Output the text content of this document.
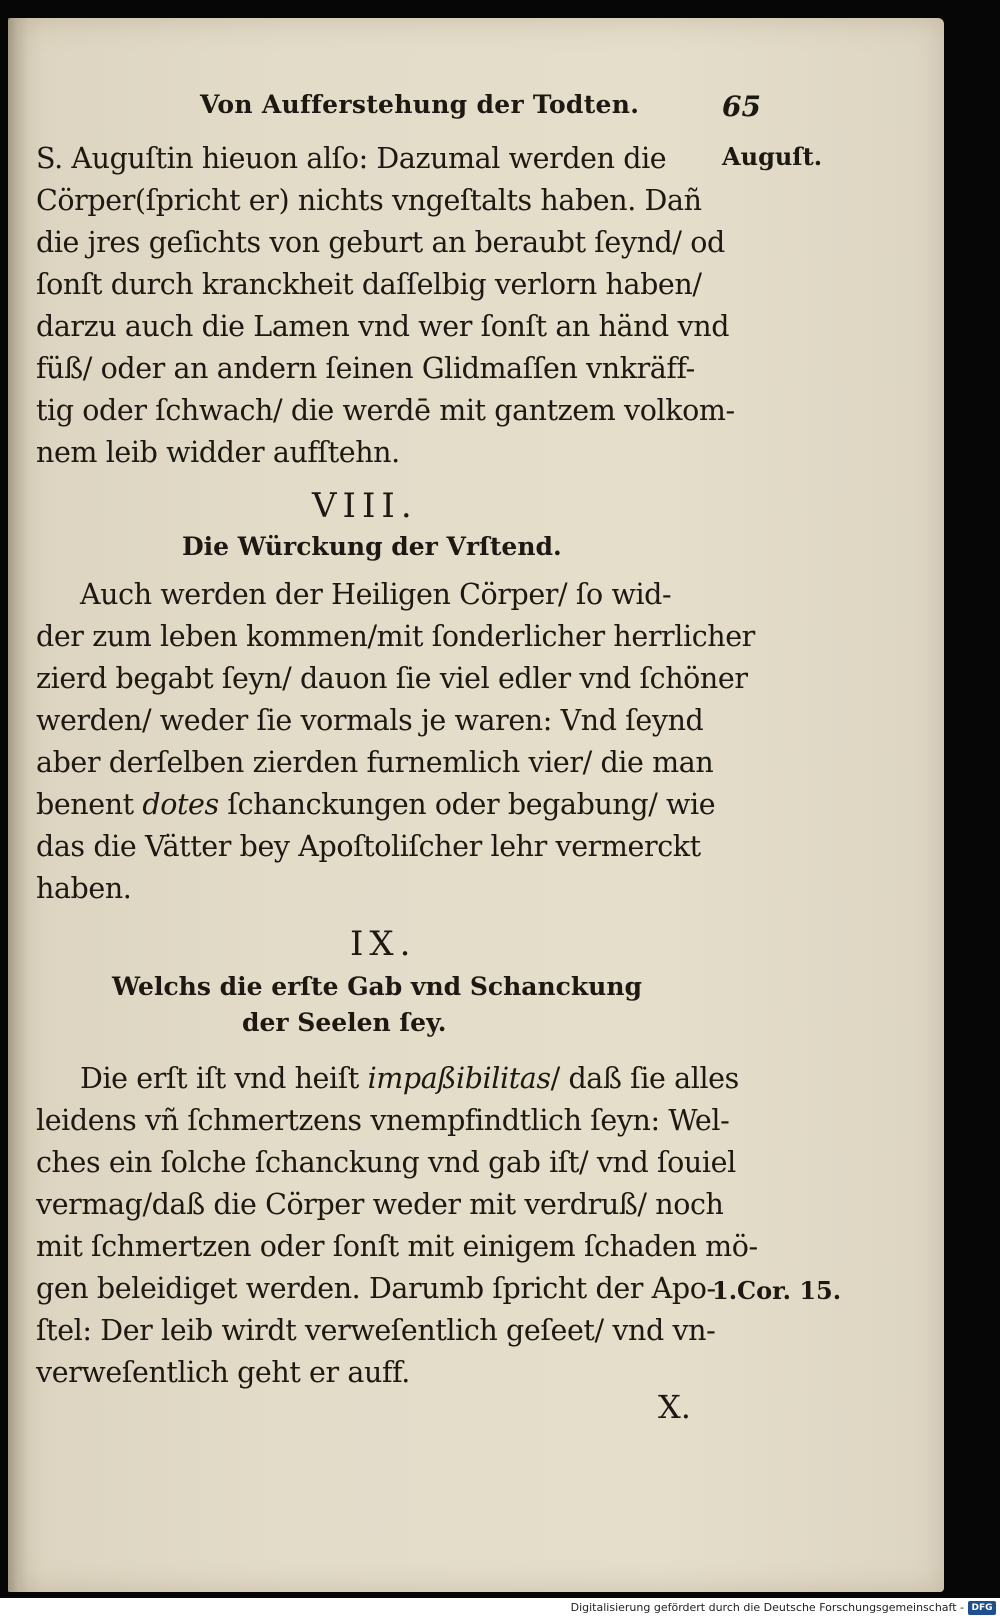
Von Aufferstehung der Todten.	65
S. Auguſtin hieuon alſo: Dazumal werden die
Cörper(ſpricht er) nichts vngeſtalts haben. Dañ
die jres geſichts von geburt an beraubt ſeynd/ od
ſonſt durch kranckheit daſſelbig verlorn haben/
darzu auch die Lamen vnd wer ſonſt an händ vnd
füß/ oder an andern ſeinen Glidmaſſen vnkräff-
tig oder ſchwach/ die werdē mit gantzem volkom-
nem leib widder aufſtehn.
Auguſt.
VIII.
Die Würckung der Vrſtend.
Auch werden der Heiligen Cörper/ ſo wid-
der zum leben kommen/mit ſonderlicher herrlicher
zierd begabt ſeyn/ dauon ſie viel edler vnd ſchöner
werden/ weder ſie vormals je waren: Vnd ſeynd
aber derſelben zierden furnemlich vier/ die man
benent dotes ſchanckungen oder begabung/ wie
das die Vätter bey Apoſtoliſcher lehr vermerckt
haben.
IX.
Welchs die erſte Gab vnd Schanckung
der Seelen ſey.
Die erſt iſt vnd heiſt impaßibilitas/ daß ſie alles
leidens vñ ſchmertzens vnempfindtlich ſeyn: Wel-
ches ein ſolche ſchanckung vnd gab iſt/ vnd ſouiel
vermag/daß die Cörper weder mit verdruß/ noch
mit ſchmertzen oder ſonſt mit einigem ſchaden mö-
gen beleidiget werden. Darumb ſpricht der Apo-
ſtel: Der leib wirdt verweſentlich geſeet/ vnd vn-
verweſentlich geht er auff.
1.Cor. 15.
X.
Digitalisierung gefördert durch die Deutsche Forschungsgemeinschaft - DFG
